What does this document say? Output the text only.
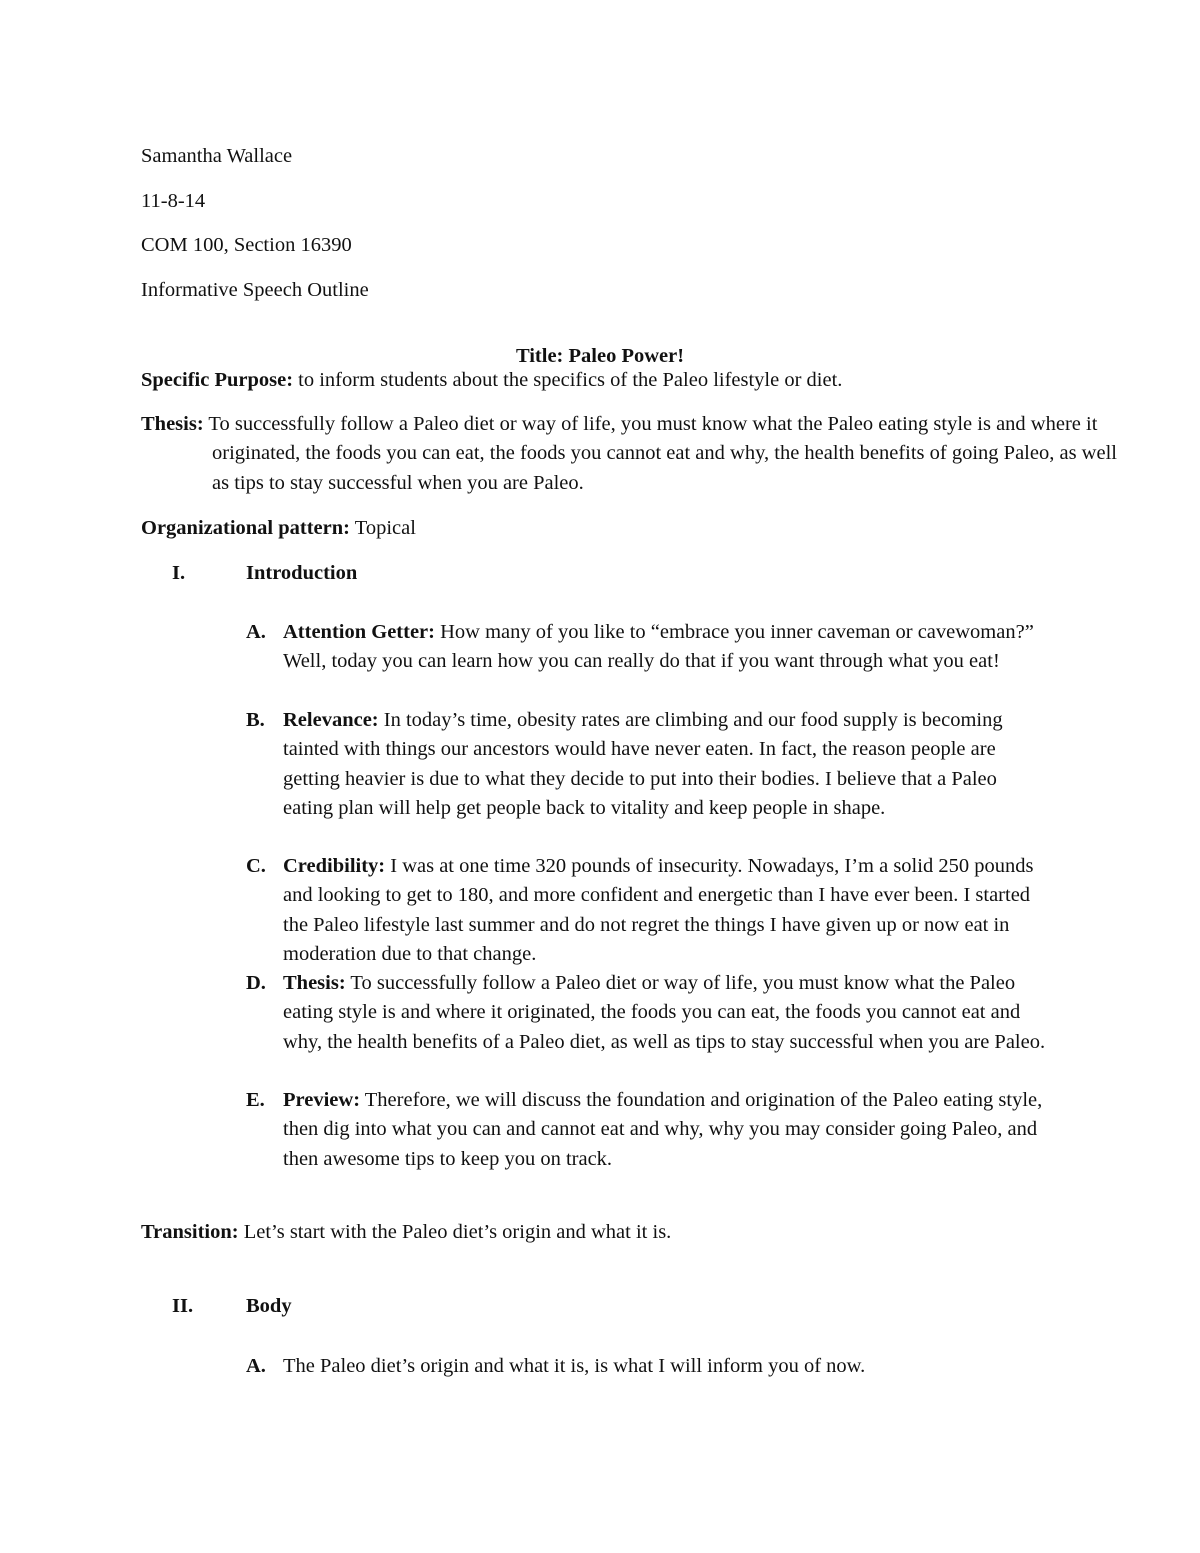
Samantha Wallace

11-8-14

COM 100, Section 16390

Informative Speech Outline

Title: Paleo Power!

Specific Purpose: to inform students about the specifics of the Paleo lifestyle or diet.

Thesis: To successfully follow a Paleo diet or way of life, you must know what the Paleo eating style is and where it originated, the foods you can eat, the foods you cannot eat and why, the health benefits of going Paleo, as well as tips to stay successful when you are Paleo.

Organizational pattern: Topical

I.	Introduction
A. Attention Getter: How many of you like to “embrace you inner caveman or cavewoman?” Well, today you can learn how you can really do that if you want through what you eat!
B. Relevance: In today’s time, obesity rates are climbing and our food supply is becoming tainted with things our ancestors would have never eaten. In fact, the reason people are getting heavier is due to what they decide to put into their bodies. I believe that a Paleo eating plan will help get people back to vitality and keep people in shape.
C. Credibility: I was at one time 320 pounds of insecurity. Nowadays, I’m a solid 250 pounds and looking to get to 180, and more confident and energetic than I have ever been. I started the Paleo lifestyle last summer and do not regret the things I have given up or now eat in moderation due to that change.
D. Thesis: To successfully follow a Paleo diet or way of life, you must know what the Paleo eating style is and where it originated, the foods you can eat, the foods you cannot eat and why, the health benefits of a Paleo diet, as well as tips to stay successful when you are Paleo.
E. Preview: Therefore, we will discuss the foundation and origination of the Paleo eating style, then dig into what you can and cannot eat and why, why you may consider going Paleo, and then awesome tips to keep you on track.

Transition: Let’s start with the Paleo diet’s origin and what it is.

II.	Body
A. The Paleo diet’s origin and what it is, is what I will inform you of now.
